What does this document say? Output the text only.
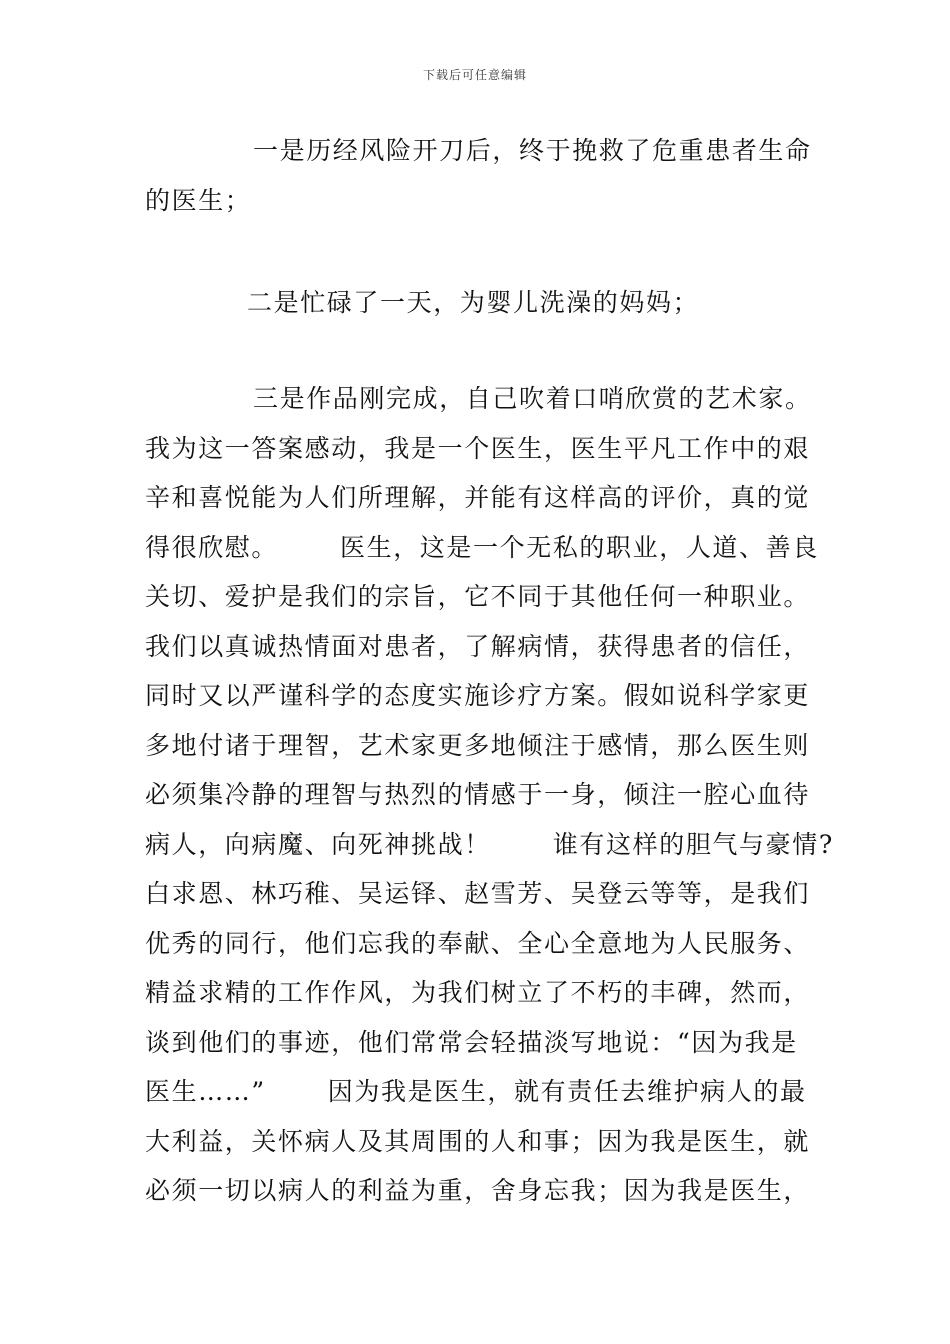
下载后可任意编辑

一是历经风险开刀后，终于挽救了危重患者生命
的医生；

二是忙碌了一天，为婴儿洗澡的妈妈；

三是作品刚完成，自己吹着口哨欣赏的艺术家。
我为这一答案感动，我是一个医生，医生平凡工作中的艰
辛和喜悦能为人们所理解，并能有这样高的评价，真的觉
得很欣慰。 医生，这是一个无私的职业，人道、善良
关切、爱护是我们的宗旨，它不同于其他任何一种职业。
我们以真诚热情面对患者，了解病情，获得患者的信任，
同时又以严谨科学的态度实施诊疗方案。假如说科学家更
多地付诸于理智，艺术家更多地倾注于感情，那么医生则
必须集冷静的理智与热烈的情感于一身，倾注一腔心血待
病人，向病魔、向死神挑战！ 谁有这样的胆气与豪情?
白求恩、林巧稚、吴运铎、赵雪芳、吴登云等等，是我们
优秀的同行，他们忘我的奉献、全心全意地为人民服务、
精益求精的工作作风，为我们树立了不朽的丰碑，然而，
谈到他们的事迹，他们常常会轻描淡写地说：“因为我是
医生……” 因为我是医生，就有责任去维护病人的最
大利益，关怀病人及其周围的人和事；因为我是医生，就
必须一切以病人的利益为重，舍身忘我；因为我是医生，
